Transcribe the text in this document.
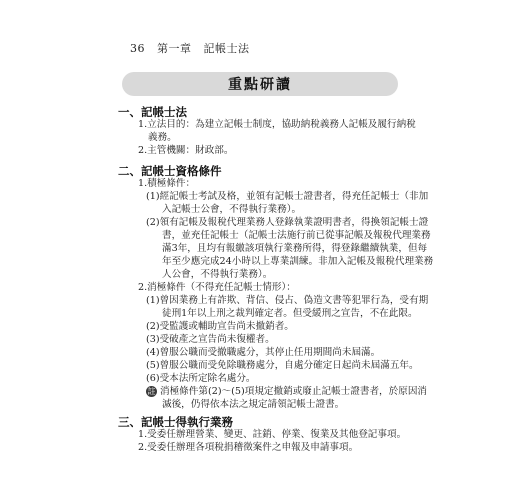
36 第一章 記帳士法
重點研讀
一、記帳士法
1.立法目的：為建立記帳士制度，協助納稅義務人記帳及履行納稅
義務。
2.主管機關：財政部。
二、記帳士資格條件
1.積極條件：
(1)經記帳士考試及格，並領有記帳士證書者，得充任記帳士（非加
入記帳士公會，不得執行業務）。
(2)領有記帳及報稅代理業務人登錄執業證明書者，得換領記帳士證
書，並充任記帳士（記帳士法施行前已從事記帳及報稅代理業務
滿3年，且均有報繳該項執行業務所得，得登錄繼續執業，但每
年至少應完成24小時以上專業訓練。非加入記帳及報稅代理業務
人公會，不得執行業務）。
2.消極條件（不得充任記帳士情形）：
(1)曾因業務上有詐欺、背信、侵占、偽造文書等犯罪行為，受有期
徒刑1年以上刑之裁判確定者。但受緩刑之宣告，不在此限。
(2)受監護或輔助宣告尚未撤銷者。
(3)受破產之宣告尚未復權者。
(4)曾服公職而受撤職處分，其停止任用期間尚未屆滿。
(5)曾服公職而受免除職務處分，自處分確定日起尚未屆滿五年。
(6)受本法所定除名處分。
註 消極條件第(2)～(5)項規定撤銷或廢止記帳士證書者，於原因消
滅後，仍得依本法之規定請領記帳士證書。
三、記帳士得執行業務
1.受委任辦理營業、變更、註銷、停業、復業及其他登記事項。
2.受委任辦理各項稅捐稽徵案件之申報及申請事項。
